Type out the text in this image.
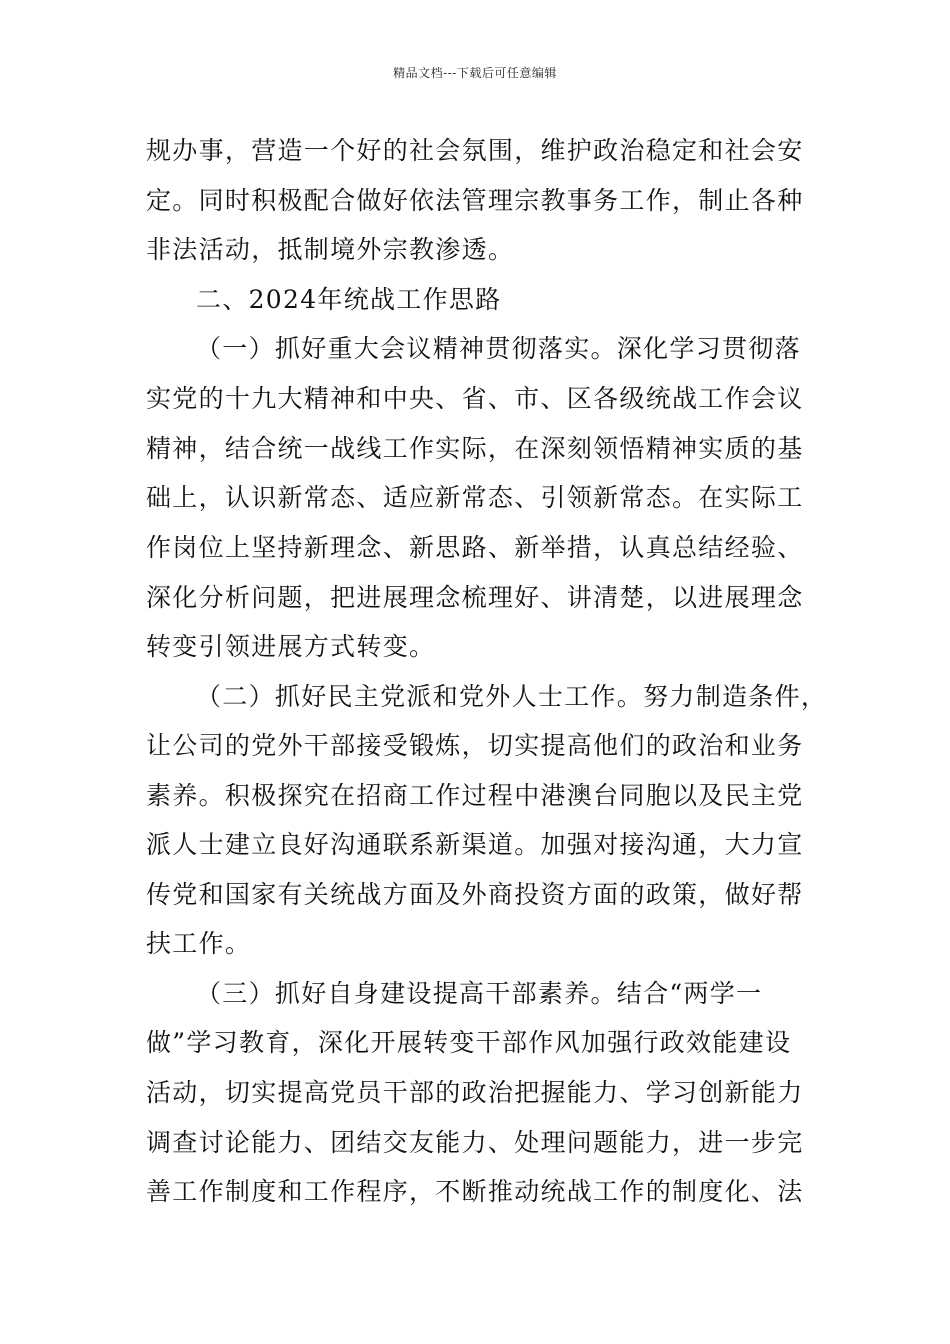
精品文档---下载后可任意编辑
规办事，营造一个好的社会氛围，维护政治稳定和社会安
定。同时积极配合做好依法管理宗教事务工作，制止各种
非法活动，抵制境外宗教渗透。
二、2024年统战工作思路
（一）抓好重大会议精神贯彻落实。深化学习贯彻落
实党的十九大精神和中央、省、市、区各级统战工作会议
精神，结合统一战线工作实际，在深刻领悟精神实质的基
础上，认识新常态、适应新常态、引领新常态。在实际工
作岗位上坚持新理念、新思路、新举措，认真总结经验、
深化分析问题，把进展理念梳理好、讲清楚，以进展理念
转变引领进展方式转变。
（二）抓好民主党派和党外人士工作。努力制造条件，
让公司的党外干部接受锻炼，切实提高他们的政治和业务
素养。积极探究在招商工作过程中港澳台同胞以及民主党
派人士建立良好沟通联系新渠道。加强对接沟通，大力宣
传党和国家有关统战方面及外商投资方面的政策，做好帮
扶工作。
（三）抓好自身建设提高干部素养。结合“两学一
做”学习教育，深化开展转变干部作风加强行政效能建设
活动，切实提高党员干部的政治把握能力、学习创新能力
调查讨论能力、团结交友能力、处理问题能力，进一步完
善工作制度和工作程序，不断推动统战工作的制度化、法
